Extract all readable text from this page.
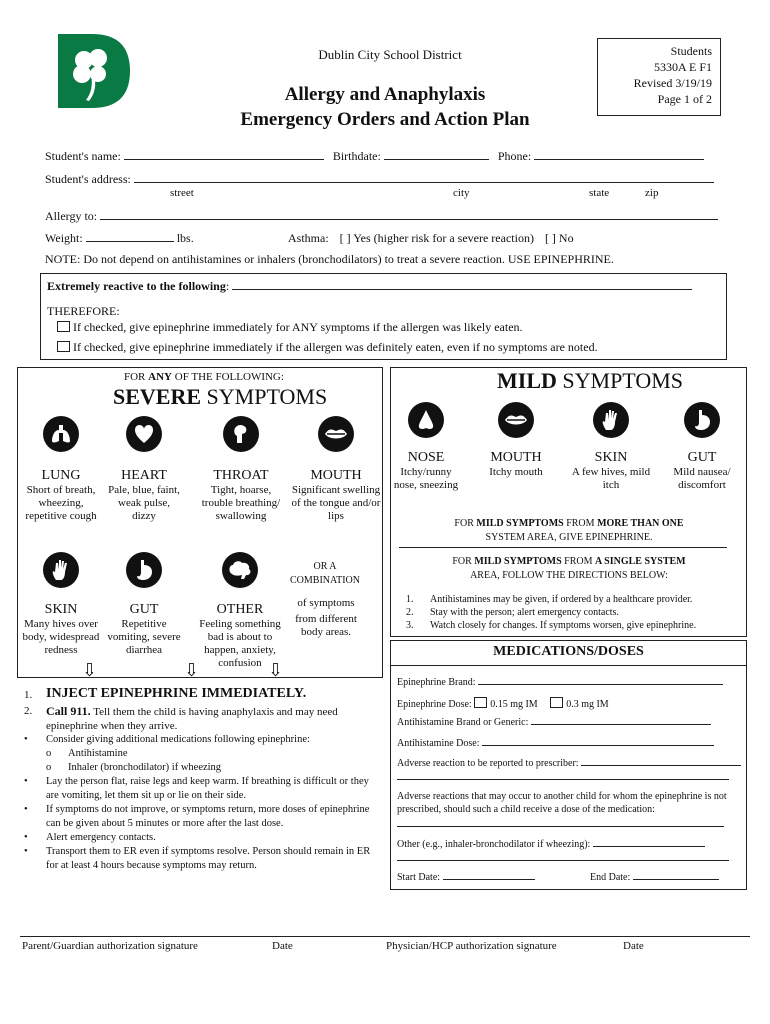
Dublin City School District
Allergy and Anaphylaxis
Emergency Orders and Action Plan
Students
5330A E F1
Revised 3/19/19
Page 1 of 2
Student's name:	Birthdate:	Phone:
Student's address:
street	city	state	zip
Allergy to:
Weight:	lbs.	Asthma: [ ] Yes (higher risk for a severe reaction) [ ] No
NOTE: Do not depend on antihistamines or inhalers (bronchodilators) to treat a severe reaction. USE EPINEPHRINE.
Extremely reactive to the following:
THEREFORE:
If checked, give epinephrine immediately for ANY symptoms if the allergen was likely eaten.
If checked, give epinephrine immediately if the allergen was definitely eaten, even if no symptoms are noted.
FOR ANY OF THE FOLLOWING:
SEVERE SYMPTOMS
LUNG
Short of breath, wheezing, repetitive cough
HEART
Pale, blue, faint, weak pulse, dizzy
THROAT
Tight, hoarse, trouble breathing/ swallowing
MOUTH
Significant swelling of the tongue and/or lips
SKIN
Many hives over body, widespread redness
GUT
Repetitive vomiting, severe diarrhea
OTHER
Feeling something bad is about to happen, anxiety, confusion
OR A
COMBINATION
of symptoms
from different body areas.
⇩	⇩	⇩
1. INJECT EPINEPHRINE IMMEDIATELY.
2.	Call 911. Tell them the child is having anaphylaxis and may need epinephrine when they arrive.
•	Consider giving additional medications following epinephrine:
o	Antihistamine
o	Inhaler (bronchodilator) if wheezing
•	Lay the person flat, raise legs and keep warm. If breathing is difficult or they are vomiting, let them sit up or lie on their side.
•	If symptoms do not improve, or symptoms return, more doses of epinephrine can be given about 5 minutes or more after the last dose.
•	Alert emergency contacts.
•	Transport them to ER even if symptoms resolve. Person should remain in ER for at least 4 hours because symptoms may return.
MILD SYMPTOMS
NOSE
Itchy/runny nose, sneezing
MOUTH
Itchy mouth
SKIN
A few hives, mild itch
GUT
Mild nausea/ discomfort
FOR MILD SYMPTOMS FROM MORE THAN ONE
SYSTEM AREA, GIVE EPINEPHRINE.
FOR MILD SYMPTOMS FROM A SINGLE SYSTEM
AREA, FOLLOW THE DIRECTIONS BELOW:
1.	Antihistamines may be given, if ordered by a healthcare provider.
2.	Stay with the person; alert emergency contacts.
3.	Watch closely for changes. If symptoms worsen, give epinephrine.
MEDICATIONS/DOSES
Epinephrine Brand:
Epinephrine Dose: 0.15 mg IM	0.3 mg IM
Antihistamine Brand or Generic:
Antihistamine Dose:
Adverse reaction to be reported to prescriber:
Adverse reactions that may occur to another child for whom the epinephrine is not prescribed, should such a child receive a dose of the medication:
Other (e.g., inhaler-bronchodilator if wheezing):
Start Date:	End Date:
Parent/Guardian authorization signature	Date	Physician/HCP authorization signature	Date
